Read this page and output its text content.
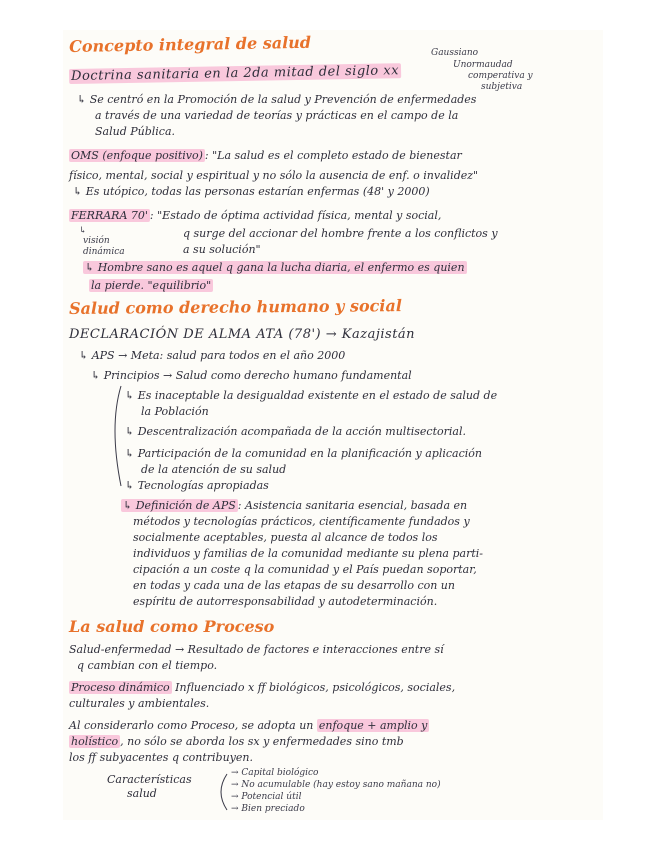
Concepto integral de salud	Gaussiano
Unormaudad
comperativa y
subjetiva
Doctrina sanitaria en la 2da mitad del siglo xx
↳ Se centró en la Promoción de la salud y Prevención de enfermedades
a través de una variedad de teorías y prácticas en el campo de la
Salud Pública.
OMS (enfoque positivo) : "La salud es el completo estado de bienestar
físico, mental, social y espiritual y no sólo la ausencia de enf. o invalidez"
↳ Es utópico, todas las personas estarían enfermas (48' y 2000)
FERRARA 70' : "Estado de óptima actividad física, mental y social,
q surge del accionar del hombre frente a los conflictos y
a su solución"
↳
visión
dinámica
↳ Hombre sano es aquel q gana la lucha diaria, el enfermo es quien
la pierde. "equilibrio"
Salud como derecho humano y social
DECLARACIÓN DE ALMA ATA (78') → Kazajistán
↳ APS → Meta: salud para todos en el año 2000
↳ Principios → Salud como derecho humano fundamental
↳ Es inaceptable la desigualdad existente en el estado de salud de
la Población
↳ Descentralización acompañada de la acción multisectorial.
↳ Participación de la comunidad en la planificación y aplicación
de la atención de su salud
↳ Tecnologías apropiadas
↳ Definición de APS : Asistencia sanitaria esencial, basada en
métodos y tecnologías prácticos, científicamente fundados y
socialmente aceptables, puesta al alcance de todos los
individuos y familias de la comunidad mediante su plena parti-
cipación a un coste q la comunidad y el País puedan soportar,
en todas y cada una de las etapas de su desarrollo con un
espíritu de autorresponsabilidad y autodeterminación.
La salud como Proceso
Salud-enfermedad → Resultado de factores e interacciones entre sí
q cambian con el tiempo.
Proceso dinámico Influenciado x ff biológicos, psicológicos, sociales,
culturales y ambientales.
Al considerarlo como Proceso, se adopta un enfoque + amplio y
holístico , no sólo se aborda los sx y enfermedades sino tmb
los ff subyacentes q contribuyen.
Características
salud
→ Capital biológico
→ No acumulable (hay estoy sano mañana no)
→ Potencial útil
→ Bien preciado
